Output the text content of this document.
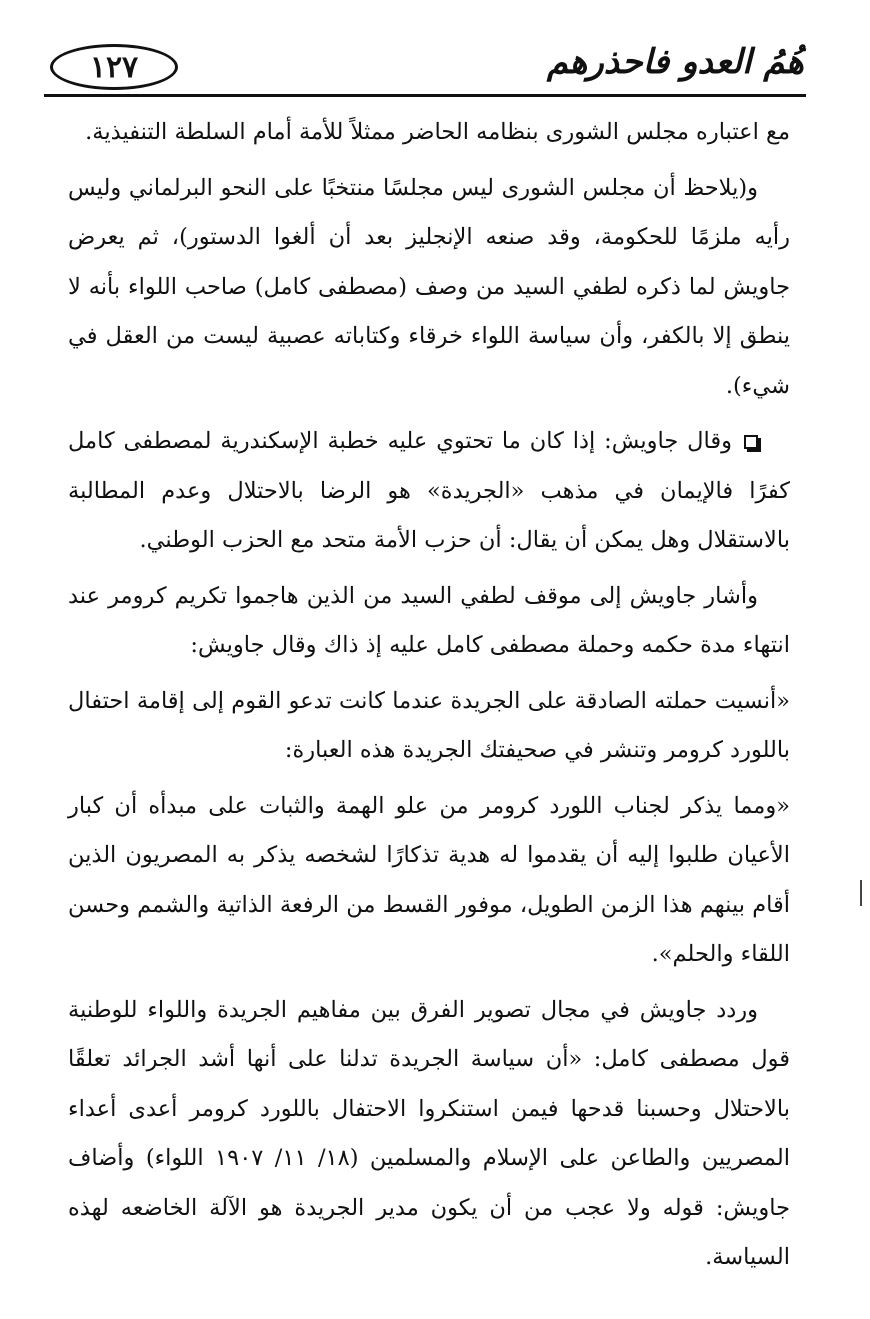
١٢٧	هُمُ العدو فاحذرهم

مع اعتباره مجلس الشورى بنظامه الحاضر ممثلاً للأمة أمام السلطة التنفيذية.

و(يلاحظ أن مجلس الشورى ليس مجلسًا منتخبًا على النحو البرلماني وليس رأيه ملزمًا للحكومة، وقد صنعه الإنجليز بعد أن ألغوا الدستور)، ثم يعرض جاويش لما ذكره لطفي السيد من وصف (مصطفى كامل) صاحب اللواء بأنه لا ينطق إلا بالكفر، وأن سياسة اللواء خرقاء وكتاباته عصبية ليست من العقل في شيء).

وقال جاويش: إذا كان ما تحتوي عليه خطبة الإسكندرية لمصطفى كامل كفرًا فالإيمان في مذهب «الجريدة» هو الرضا بالاحتلال وعدم المطالبة بالاستقلال وهل يمكن أن يقال: أن حزب الأمة متحد مع الحزب الوطني.

وأشار جاويش إلى موقف لطفي السيد من الذين هاجموا تكريم كرومر عند انتهاء مدة حكمه وحملة مصطفى كامل عليه إذ ذاك وقال جاويش:

«أنسيت حملته الصادقة على الجريدة عندما كانت تدعو القوم إلى إقامة احتفال باللورد كرومر وتنشر في صحيفتك الجريدة هذه العبارة:

«ومما يذكر لجناب اللورد كرومر من علو الهمة والثبات على مبدأه أن كبار الأعيان طلبوا إليه أن يقدموا له هدية تذكارًا لشخصه يذكر به المصريون الذين أقام بينهم هذا الزمن الطويل، موفور القسط من الرفعة الذاتية والشمم وحسن اللقاء والحلم».

وردد جاويش في مجال تصوير الفرق بين مفاهيم الجريدة واللواء للوطنية قول مصطفى كامل: «أن سياسة الجريدة تدلنا على أنها أشد الجرائد تعلقًا بالاحتلال وحسبنا قدحها فيمن استنكروا الاحتفال باللورد كرومر أعدى أعداء المصريين والطاعن على الإسلام والمسلمين (١٨/ ١١/ ١٩٠٧ اللواء) وأضاف جاويش: قوله ولا عجب من أن يكون مدير الجريدة هو الآلة الخاضعه لهذه السياسة.
